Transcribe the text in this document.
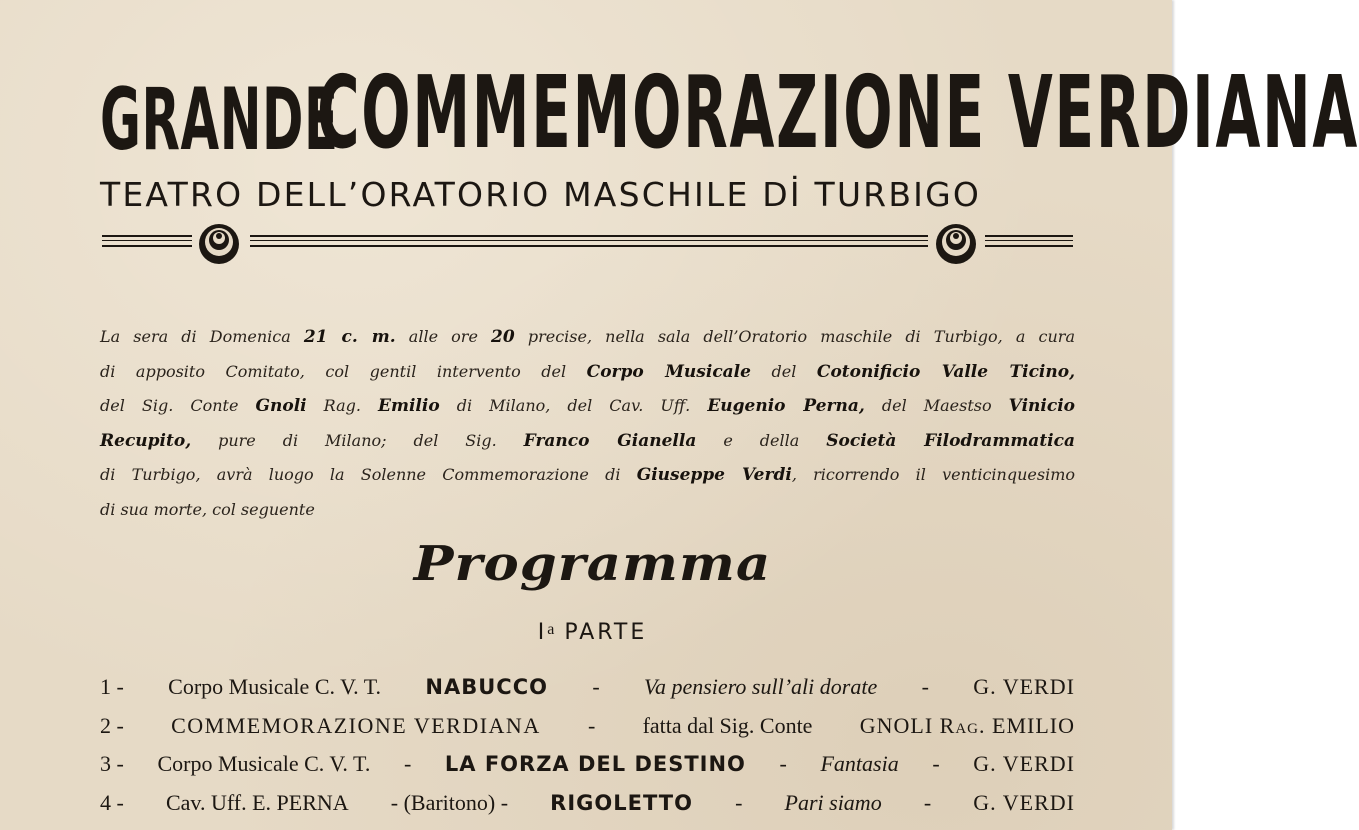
GRANDE
COMMEMORAZIONE VERDIANA
TEATRO DELL’ORATORIO MASCHILE Dİ TURBIGO
La sera di Domenica 21 c. m. alle ore 20 precise, nella sala dell’Oratorio maschile di Turbigo, a cura
di apposito Comitato, col gentil intervento del Corpo Musicale del Cotonificio Valle Ticino,
del Sig. Conte Gnoli Rag. Emilio di Milano, del Cav. Uff. Eugenio Perna, del Maestso Vinicio
Recupito, pure di Milano; del Sig. Franco Gianella e della Società Filodrammatica
di Turbigo, avrà luogo la Solenne Commemorazione di Giuseppe Verdi, ricorrendo il venticinquesimo
di sua morte, col seguente
Programma
$I^a$ PARTE
1 - Corpo Musicale C. V. T. NABUCCO - Va pensiero sull’ali dorate - G. VERDI
2 - COMMEMORAZIONE VERDIANA - fatta dal Sig. Conte GNOLI Rag. EMILIO
3 - Corpo Musicale C. V. T. - LA FORZA DEL DESTINO - Fantasia - G. VERDI
4 - Cav. Uff. E. PERNA - (Baritono) - RIGOLETTO - Pari siamo - G. VERDI
